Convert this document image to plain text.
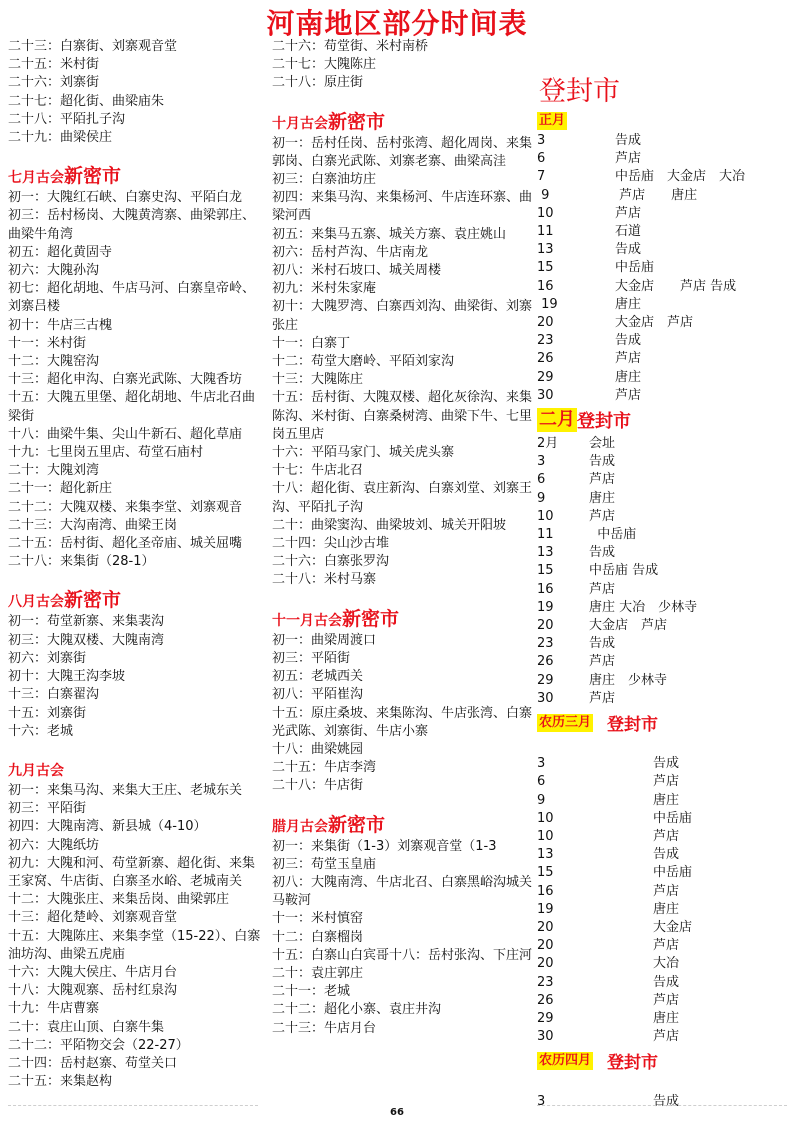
河南地区部分时间表
二十三：白寨街、刘寨观音堂
二十五：米村街
二十六：刘寨街
二十七：超化街、曲梁庙朱
二十八：平陌扎子沟
二十九：曲梁侯庄
七月古会新密市
初一：大隗红石峡、白寨史沟、平陌白龙
初三：岳村杨岗、大隗黄湾寨、曲梁郭庄、曲梁牛角湾
初五：超化黄固寺
初六：大隗孙沟
初七：超化胡地、牛店马河、白寨皇帝岭、刘寨吕楼
初十：牛店三古槐
十一：米村街
十二：大隗窑沟
十三：超化申沟、白寨光武陈、大隗香坊
十五：大隗五里堡、超化胡地、牛店北召曲梁街
十八：曲梁牛集、尖山牛新石、超化草庙
十九：七里岗五里店、苟堂石庙村
二十：大隗刘湾
二十一：超化新庄
二十二：大隗双楼、来集李堂、刘寨观音
二十三：大沟南湾、曲梁王岗
二十五：岳村街、超化圣帝庙、城关屈嘴
二十八：来集街（28-1）
八月古会新密市
初一：苟堂新寨、来集裴沟
初三：大隗双楼、大隗南湾
初六：刘寨街
初十：大隗王沟李坡
十三：白寨翟沟
十五：刘寨街
十六：老城
九月古会
初一：来集马沟、来集大王庄、老城东关
初三：平陌街
初四：大隗南湾、新县城（4-10）
初六：大隗纸坊
初九：大隗和河、苟堂新寨、超化街、来集王家窝、牛店街、白寨圣水峪、老城南关
十二：大隗张庄、来集岳岗、曲梁郭庄
十三：超化楚岭、刘寨观音堂
十五：大隗陈庄、来集李堂（15-22）、白寨油坊沟、曲梁五虎庙
十六：大隗大侯庄、牛店月台
十八：大隗观寨、岳村红泉沟
十九：牛店曹寨
二十：袁庄山顶、白寨牛集
二十二：平陌物交会（22-27）
二十四：岳村赵寨、苟堂关口
二十五：来集赵构
二十六：苟堂街、米村南桥
二十七：大隗陈庄
二十八：原庄街
十月古会新密市
初一：岳村任岗、岳村张湾、超化周岗、来集郭岗、白寨光武陈、刘寨老寨、曲梁高洼
初三：白寨油坊庄
初四：来集马沟、来集杨河、牛店连环寨、曲梁河西
初五：来集马五寨、城关方寨、袁庄姚山
初六：岳村芦沟、牛店南龙
初八：米村石坡口、城关周楼
初九：米村朱家庵
初十：大隗罗湾、白寨西刘沟、曲梁街、刘寨张庄
十一：白寨丁
十二：苟堂大磨岭、平陌刘家沟
十三：大隗陈庄
十五：岳村街、大隗双楼、超化灰徐沟、来集陈沟、米村街、白寨桑树湾、曲梁下牛、七里岗五里店
十六：平陌马家门、城关虎头寨
十七：牛店北召
十八：超化街、袁庄新沟、白寨刘堂、刘寨王沟、平陌扎子沟
二十：曲梁窦沟、曲梁坡刘、城关开阳坡
二十四：尖山沙古堆
二十六：白寨张罗沟
二十八：米村马寨
十一月古会新密市
初一：曲梁周渡口
初三：平陌街
初五：老城西关
初八：平陌崔沟
十五：原庄桑坡、来集陈沟、牛店张湾、白寨光武陈、刘寨街、牛店小寨
十八：曲梁姚园
二十五：牛店李湾
二十八：牛店街
腊月古会新密市
初一：来集街（1-3）刘寨观音堂（1-3
初三：苟堂玉皇庙
初八：大隗南湾、牛店北召、白寨黑峪沟城关马鞍河
十一：米村慎窑
十二：白寨榴岗
十五：白寨山白宾哥十八：岳村张沟、下庄河
二十：袁庄郭庄
二十一：老城
二十二：超化小寨、袁庄井沟
二十三：牛店月台
登封市
正月
3	告成
6	芦店
7	中岳庙　大金店　大冶
9	芦店　　唐庄
10	芦店
11	石道
13	告成
15	中岳庙
16	大金店　　芦店 告成
19	唐庄
20	大金店　芦店
23	告成
26	芦店
29	唐庄
30	芦店
二月 登封市
2月	会址
3	告成
6	芦店
9	唐庄
10	芦店
11	中岳庙
13	告成
15	中岳庙 告成
16	芦店
19	唐庄 大冶　少林寺
20	大金店　芦店
23	告成
26	芦店
29	唐庄　少林寺
30	芦店
农历三月 登封市
3	告成
6	芦店
9	唐庄
10	中岳庙
10	芦店
13	告成
15	中岳庙
16	芦店
19	唐庄
20	大金店
20	芦店
20	大冶
23	告成
26	芦店
29	唐庄
30	芦店
农历四月 登封市
3	告成
66
